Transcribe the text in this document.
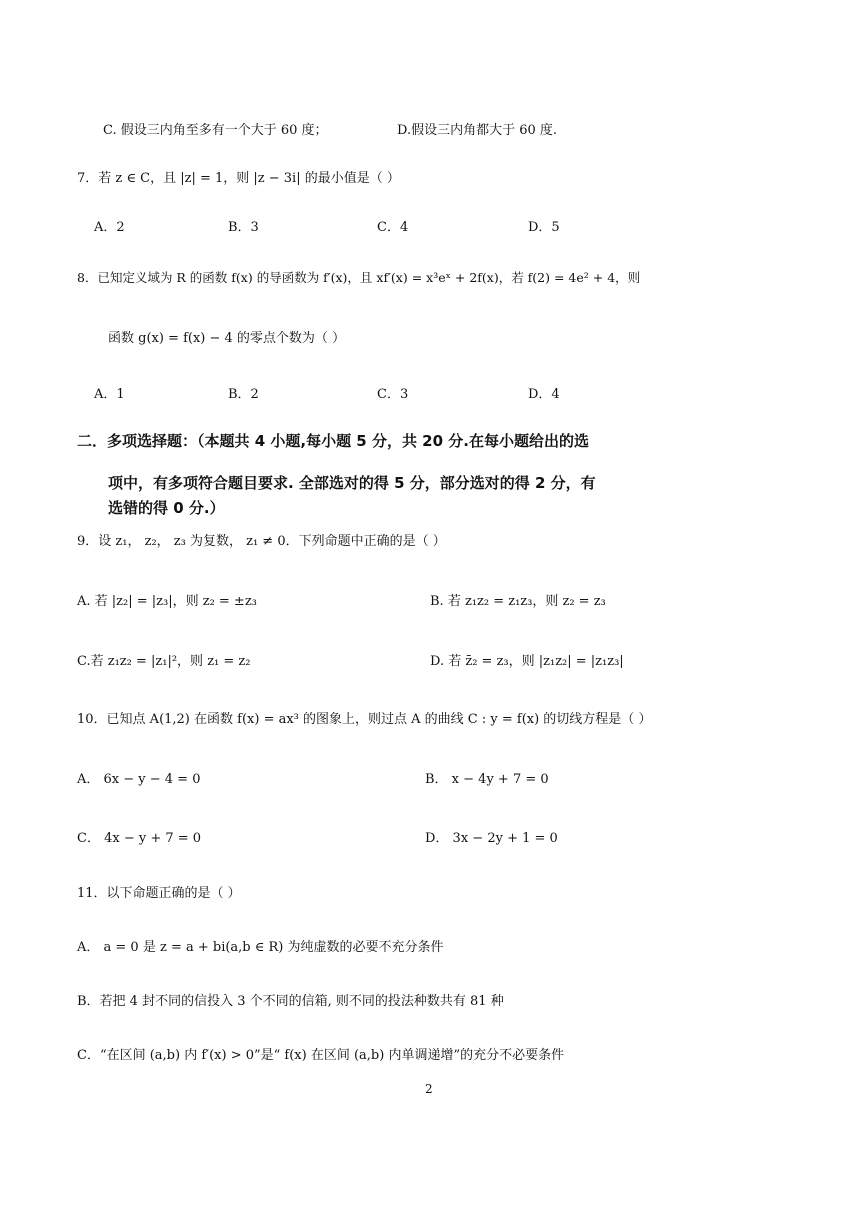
C. 假设三内角至多有一个大于 60 度；	D.假设三内角都大于 60 度.
7．若 z ∈ C，且 |z| = 1，则 |z − 3i| 的最小值是（ ）
A．2	B．3	C．4	D．5
8．已知定义域为 R 的函数 f(x) 的导函数为 f′(x)，且 xf′(x) = x³eˣ + 2f(x)，若 f(2) = 4e² + 4，则
函数 g(x) = f(x) − 4 的零点个数为（ ）
A．1	B．2	C．3	D．4
二．多项选择题：（本题共 4 小题,每小题 5 分，共 20 分.在每小题给出的选
项中，有多项符合题目要求. 全部选对的得 5 分，部分选对的得 2 分，有
选错的得 0 分.）
9．设 z₁， z₂， z₃ 为复数， z₁ ≠ 0．下列命题中正确的是（ ）
A. 若 |z₂| = |z₃|，则 z₂ = ±z₃	B. 若 z₁z₂ = z₁z₃，则 z₂ = z₃
C.若 z₁z₂ = |z₁|²，则 z₁ = z₂	D. 若 z̄₂ = z₃，则 |z₁z₂| = |z₁z₃|
10．已知点 A(1,2) 在函数 f(x) = ax³ 的图象上，则过点 A 的曲线 C : y = f(x) 的切线方程是（ ）
A． 6x − y − 4 = 0	B． x − 4y + 7 = 0
C． 4x − y + 7 = 0	D． 3x − 2y + 1 = 0
11．以下命题正确的是（ ）
A． a = 0 是 z = a + bi(a,b ∈ R) 为纯虚数的必要不充分条件
B．若把 4 封不同的信投入 3 个不同的信箱, 则不同的投法种数共有 81 种
C．“在区间 (a,b) 内 f′(x) > 0”是“ f(x) 在区间 (a,b) 内单调递增”的充分不必要条件
2
